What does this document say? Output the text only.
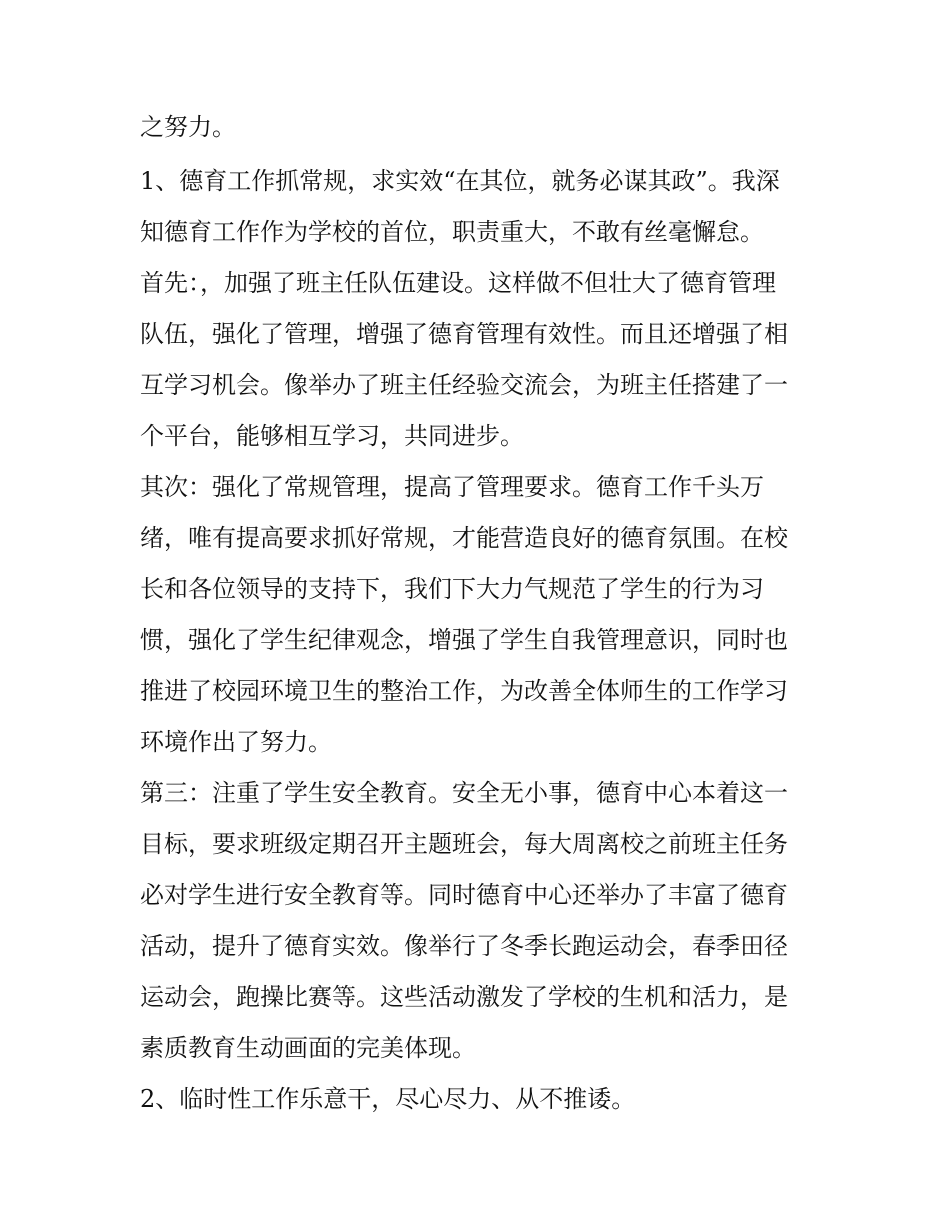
之努力。

1、德育工作抓常规，求实效“在其位，就务必谋其政”。我深

知德育工作作为学校的首位，职责重大，不敢有丝毫懈怠。

首先：，加强了班主任队伍建设。这样做不但壮大了德育管理

队伍，强化了管理，增强了德育管理有效性。而且还增强了相

互学习机会。像举办了班主任经验交流会，为班主任搭建了一

个平台，能够相互学习，共同进步。

其次：强化了常规管理，提高了管理要求。德育工作千头万

绪，唯有提高要求抓好常规，才能营造良好的德育氛围。在校

长和各位领导的支持下，我们下大力气规范了学生的行为习

惯，强化了学生纪律观念，增强了学生自我管理意识，同时也

推进了校园环境卫生的整治工作，为改善全体师生的工作学习

环境作出了努力。

第三：注重了学生安全教育。安全无小事，德育中心本着这一

目标，要求班级定期召开主题班会，每大周离校之前班主任务

必对学生进行安全教育等。同时德育中心还举办了丰富了德育

活动，提升了德育实效。像举行了冬季长跑运动会，春季田径

运动会，跑操比赛等。这些活动激发了学校的生机和活力，是

素质教育生动画面的完美体现。

2、临时性工作乐意干，尽心尽力、从不推诿。
